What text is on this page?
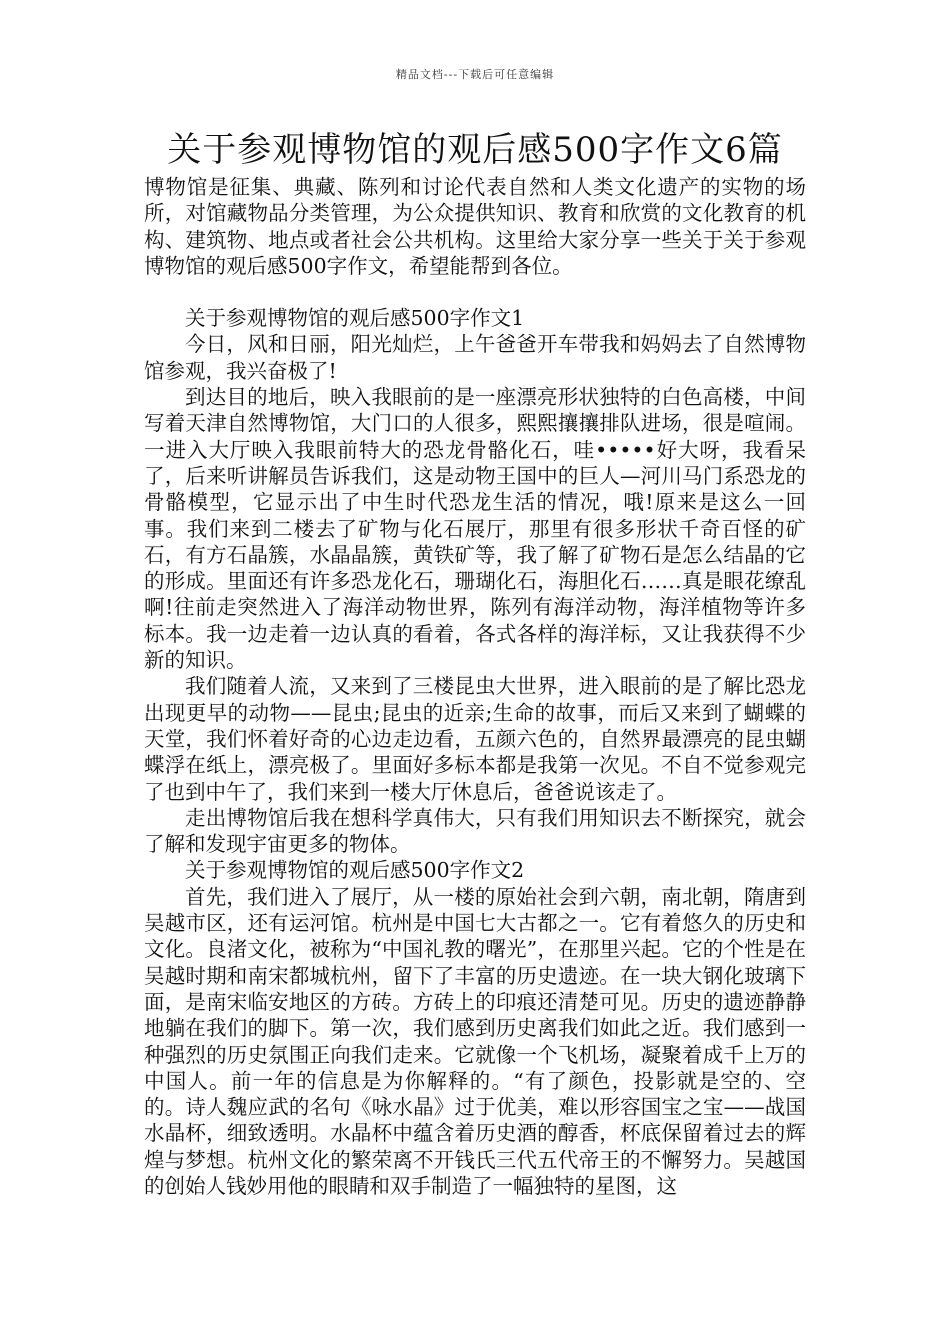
精品文档---下载后可任意编辑
关于参观博物馆的观后感500字作文6篇

博物馆是征集、典藏、陈列和讨论代表自然和人类文化遗产的实物的场所，对馆藏物品分类管理，为公众提供知识、教育和欣赏的文化教育的机构、建筑物、地点或者社会公共机构。这里给大家分享一些关于关于参观博物馆的观后感500字作文，希望能帮到各位。

关于参观博物馆的观后感500字作文1

今日，风和日丽，阳光灿烂，上午爸爸开车带我和妈妈去了自然博物馆参观，我兴奋极了!

到达目的地后，映入我眼前的是一座漂亮形状独特的白色高楼，中间写着天津自然博物馆，大门口的人很多，熙熙攘攘排队进场，很是喧闹。一进入大厅映入我眼前特大的恐龙骨骼化石，哇•••••好大呀，我看呆了，后来听讲解员告诉我们，这是动物王国中的巨人—河川马门系恐龙的骨骼模型，它显示出了中生时代恐龙生活的情况，哦!原来是这么一回事。我们来到二楼去了矿物与化石展厅，那里有很多形状千奇百怪的矿石，有方石晶簇，水晶晶簇，黄铁矿等，我了解了矿物石是怎么结晶的它的形成。里面还有许多恐龙化石，珊瑚化石，海胆化石……真是眼花缭乱啊!往前走突然进入了海洋动物世界，陈列有海洋动物，海洋植物等许多标本。我一边走着一边认真的看着，各式各样的海洋标，又让我获得不少新的知识。

我们随着人流，又来到了三楼昆虫大世界，进入眼前的是了解比恐龙出现更早的动物——昆虫;昆虫的近亲;生命的故事，而后又来到了蝴蝶的天堂，我们怀着好奇的心边走边看，五颜六色的，自然界最漂亮的昆虫蝴蝶浮在纸上，漂亮极了。里面好多标本都是我第一次见。不自不觉参观完了也到中午了，我们来到一楼大厅休息后，爸爸说该走了。

走出博物馆后我在想科学真伟大，只有我们用知识去不断探究，就会了解和发现宇宙更多的物体。

关于参观博物馆的观后感500字作文2

首先，我们进入了展厅，从一楼的原始社会到六朝，南北朝，隋唐到吴越市区，还有运河馆。杭州是中国七大古都之一。它有着悠久的历史和文化。良渚文化，被称为“中国礼教的曙光”，在那里兴起。它的个性是在吴越时期和南宋都城杭州，留下了丰富的历史遗迹。在一块大钢化玻璃下面，是南宋临安地区的方砖。方砖上的印痕还清楚可见。历史的遗迹静静地躺在我们的脚下。第一次，我们感到历史离我们如此之近。我们感到一种强烈的历史氛围正向我们走来。它就像一个飞机场，凝聚着成千上万的中国人。前一年的信息是为你解释的。“有了颜色，投影就是空的、空的。诗人魏应武的名句《咏水晶》过于优美，难以形容国宝之宝——战国水晶杯，细致透明。水晶杯中蕴含着历史酒的醇香，杯底保留着过去的辉煌与梦想。杭州文化的繁荣离不开钱氏三代五代帝王的不懈努力。吴越国的创始人钱妙用他的眼睛和双手制造了一幅独特的星图，这
